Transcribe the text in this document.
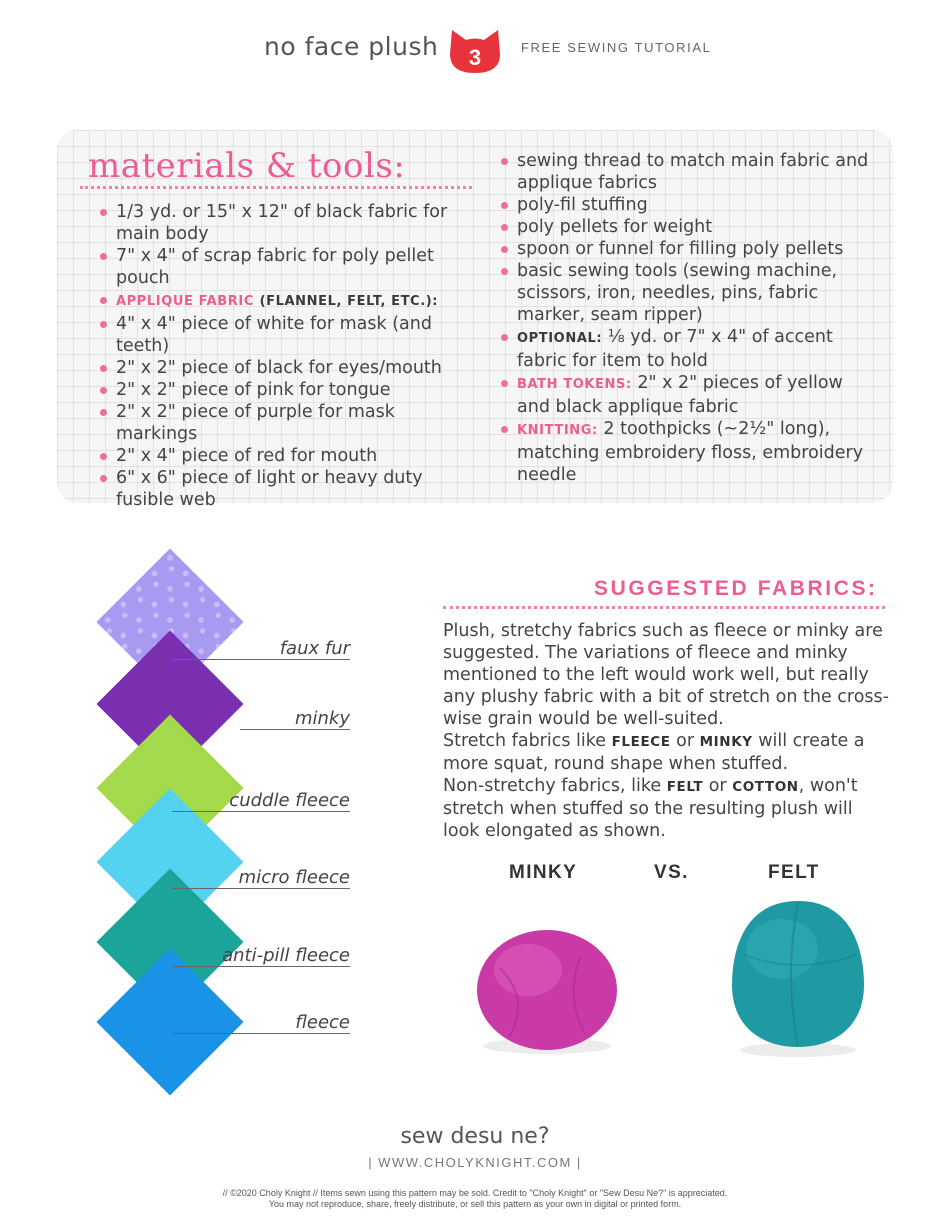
no face plush 3	FREE SEWING TUTORIAL
materials & tools:
1/3 yd. or 15" x 12" of black fabric for main body
7" x 4" of scrap fabric for poly pellet pouch
APPLIQUE FABRIC (FLANNEL, FELT, ETC.):
4" x 4" piece of white for mask (and teeth)
2" x 2" piece of black for eyes/mouth
2" x 2" piece of pink for tongue
2" x 2" piece of purple for mask markings
2" x 4" piece of red for mouth
6" x 6" piece of light or heavy duty fusible web
sewing thread to match main fabric and applique fabrics
poly-fil stuffing
poly pellets for weight
spoon or funnel for filling poly pellets
basic sewing tools (sewing machine, scissors, iron, needles, pins, fabric marker, seam ripper)
OPTIONAL: ⅛ yd. or 7" x 4" of accent fabric for item to hold
BATH TOKENS: 2" x 2" pieces of yellow and black applique fabric
KNITTING: 2 toothpicks (~2½" long), matching embroidery floss, embroidery needle
faux fur
minky
cuddle fleece
micro fleece
anti-pill fleece
fleece
SUGGESTED FABRICS:

Plush, stretchy fabrics such as fleece or minky are suggested. The variations of fleece and minky mentioned to the left would work well, but really any plushy fabric with a bit of stretch on the cross-wise grain would be well-suited.

Stretch fabrics like FLEECE or MINKY will create a more squat, round shape when stuffed.

Non-stretchy fabrics, like FELT or COTTON, won't stretch when stuffed so the resulting plush will look elongated as shown.

MINKY	VS.	FELT
sew desu ne?
| WWW.CHOLYKNIGHT.COM |
// ©2020 Choly Knight // Items sewn using this pattern may be sold. Credit to "Choly Knight" or "Sew Desu Ne?" is appreciated.
You may not reproduce, share, freely distribute, or sell this pattern as your own in digital or printed form.
